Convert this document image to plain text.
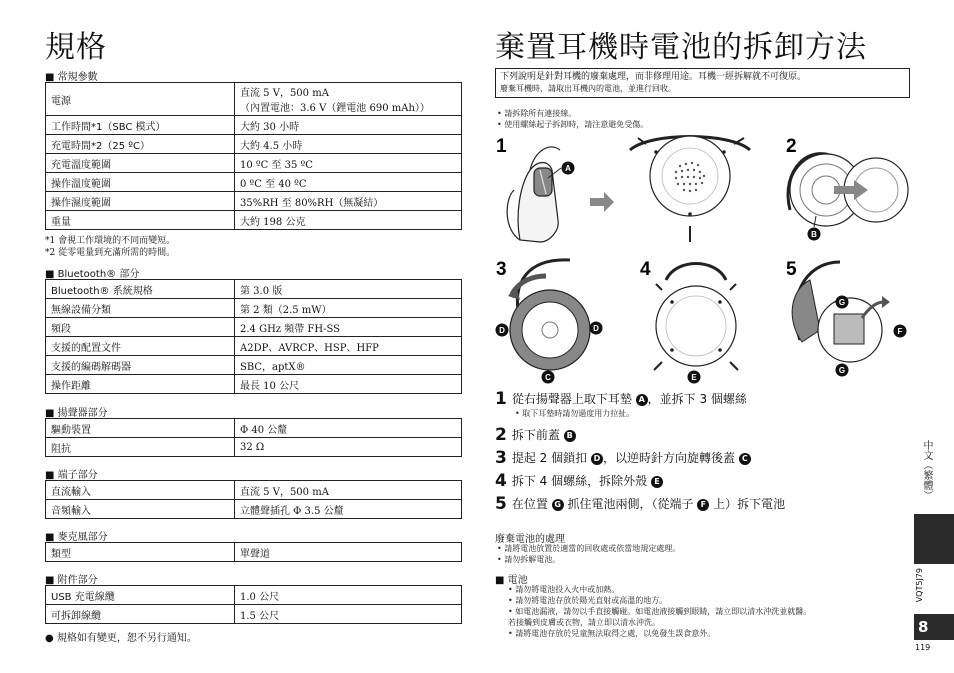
規格
■ 常規參數
電源	直流 5 V，500 mA
（內置電池：3.6 V（鋰電池 690 mAh））

工作時間*1（SBC 模式）	大約 30 小時
充電時間*2（25 ºC）	大約 4.5 小時
充電溫度範圍	10 ºC 至 35 ºC
操作溫度範圍	0 ºC 至 40 ºC
操作濕度範圍	35%RH 至 80%RH（無凝結）
重量	大約 198 公克
*1 會視工作環境的不同而變短。
*2 從零電量到充滿所需的時間。
■ Bluetooth® 部分
Bluetooth® 系統規格	第 3.0 版
無線設備分類	第 2 類（2.5 mW）
頻段	2.4 GHz 頻帶 FH-SS
支援的配置文件	A2DP、AVRCP、HSP、HFP
支援的編碼解碼器	SBC，aptX®
操作距離	最長 10 公尺
■ 揚聲器部分
驅動裝置	Φ 40 公釐
阻抗	32 Ω
■ 端子部分
直流輸入	直流 5 V，500 mA
音頻輸入	立體聲插孔 Φ 3.5 公釐
■ 麥克風部分
類型	單聲道
■ 附件部分
USB 充電線纜	1.0 公尺
可拆卸線纜	1.5 公尺
● 規格如有變更，恕不另行通知。
棄置耳機時電池的拆卸方法
下列說明是針對耳機的廢棄處理，而非修理用途。耳機一經拆解就不可復原。
廢棄耳機時，請取出耳機內的電池，並進行回收。
• 請拆除所有連接線。
• 使用螺絲起子拆卸時，請注意避免受傷。
1	2
3	4	5
A
B
D	D
C	E
G
F
G
1 從右揚聲器上取下耳墊 A ，並拆下 3 個螺絲
• 取下耳墊時請勿過度用力拉扯。
2 拆下前蓋 B
3 提起 2 個鎖扣 D ，以逆時針方向旋轉後蓋 C
4 拆下 4 個螺絲，拆除外殼 E
5 在位置 G 抓住電池兩側，（從端子 F 上）拆下電池
廢棄電池的處理
• 請將電池放置於適當的回收處或依當地規定處理。
• 請勿拆解電池。
■ 電池
• 請勿將電池投入火中或加熱。
• 請勿將電池存放於陽光直射或高溫的地方。
• 如電池漏液，請勿以手直接觸碰。如電池液接觸到眼睛，請立即以清水沖洗並就醫。
若接觸到皮膚或衣物，請立即以清水沖洗。
• 請將電池存放於兒童無法取得之處，以免發生誤食意外。
中文（繁體）
VQT5J79
8
119
